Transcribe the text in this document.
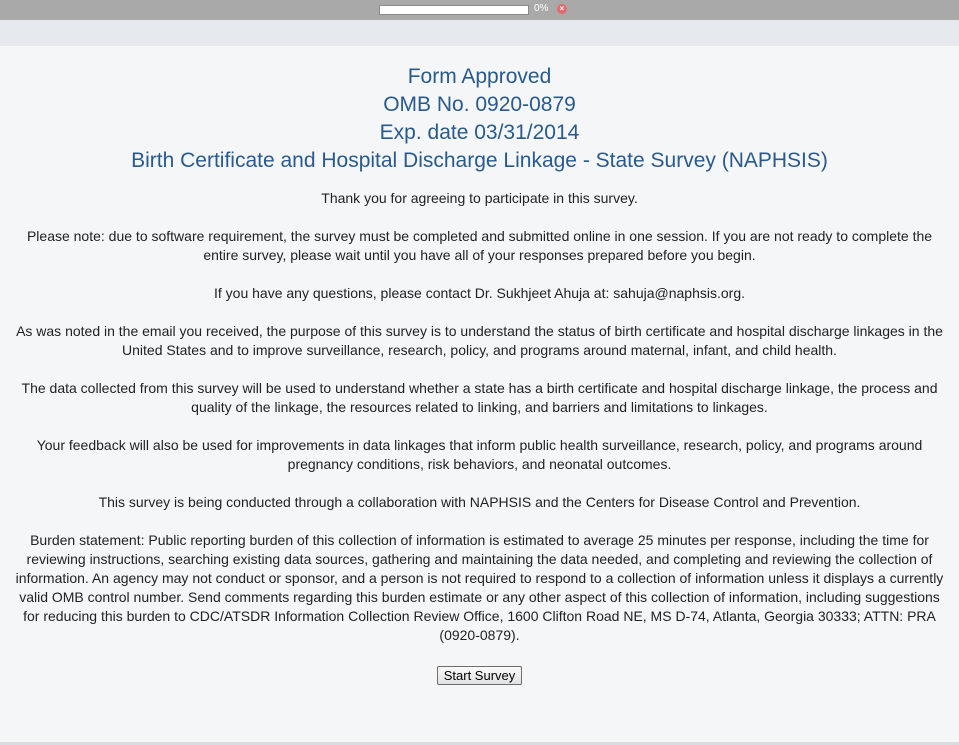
0%	×
Form Approved
OMB No. 0920-0879
Exp. date 03/31/2014
Birth Certificate and Hospital Discharge Linkage - State Survey (NAPHSIS)

Thank you for agreeing to participate in this survey.

Please note: due to software requirement, the survey must be completed and submitted online in one session. If you are not ready to complete the entire survey, please wait until you have all of your responses prepared before you begin.

If you have any questions, please contact Dr. Sukhjeet Ahuja at: sahuja@naphsis.org.

As was noted in the email you received, the purpose of this survey is to understand the status of birth certificate and hospital discharge linkages in the United States and to improve surveillance, research, policy, and programs around maternal, infant, and child health.

The data collected from this survey will be used to understand whether a state has a birth certificate and hospital discharge linkage, the process and quality of the linkage, the resources related to linking, and barriers and limitations to linkages.

Your feedback will also be used for improvements in data linkages that inform public health surveillance, research, policy, and programs around pregnancy conditions, risk behaviors, and neonatal outcomes.

This survey is being conducted through a collaboration with NAPHSIS and the Centers for Disease Control and Prevention.

Burden statement: Public reporting burden of this collection of information is estimated to average 25 minutes per response, including the time for reviewing instructions, searching existing data sources, gathering and maintaining the data needed, and completing and reviewing the collection of information. An agency may not conduct or sponsor, and a person is not required to respond to a collection of information unless it displays a currently valid OMB control number. Send comments regarding this burden estimate or any other aspect of this collection of information, including suggestions for reducing this burden to CDC/ATSDR Information Collection Review Office, 1600 Clifton Road NE, MS D-74, Atlanta, Georgia 30333; ATTN: PRA (0920-0879).

Start Survey
